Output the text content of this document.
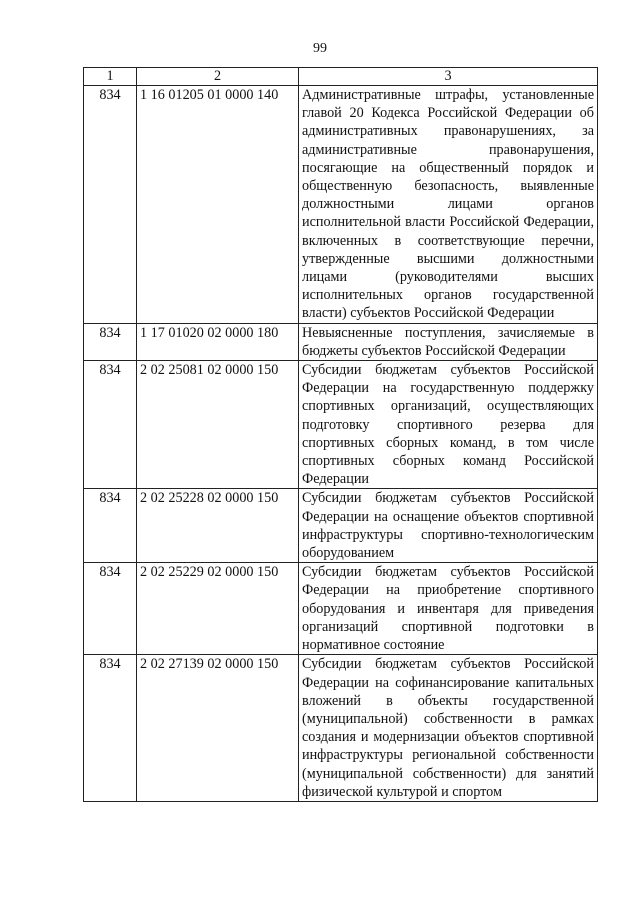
99
1	2	3
834	1 16 01205 01 0000 140	Административные штрафы, установленные главой 20 Кодекса Российской Федерации об административных правонарушениях, за административные правонарушения, посягающие на общественный порядок и общественную безопасность, выявленные должностными лицами органов исполнительной власти Российской Федерации, включенных в соответствующие перечни, утвержденные высшими должностными лицами (руководителями высших исполнительных органов государственной власти) субъектов Российской Федерации
834	1 17 01020 02 0000 180	Невыясненные поступления, зачисляемые в бюджеты субъектов Российской Федерации
834	2 02 25081 02 0000 150	Субсидии бюджетам субъектов Российской Федерации на государственную поддержку спортивных организаций, осуществляющих подготовку спортивного резерва для спортивных сборных команд, в том числе спортивных сборных команд Российской Федерации
834	2 02 25228 02 0000 150	Субсидии бюджетам субъектов Российской Федерации на оснащение объектов спортивной инфраструктуры спортивно-технологическим оборудованием
834	2 02 25229 02 0000 150	Субсидии бюджетам субъектов Российской Федерации на приобретение спортивного оборудования и инвентаря для приведения организаций спортивной подготовки в нормативное состояние
834	2 02 27139 02 0000 150	Субсидии бюджетам субъектов Российской Федерации на софинансирование капитальных вложений в объекты государственной (муниципальной) собственности в рамках создания и модернизации объектов спортивной инфраструктуры региональной собственности (муниципальной собственности) для занятий физической культурой и спортом
